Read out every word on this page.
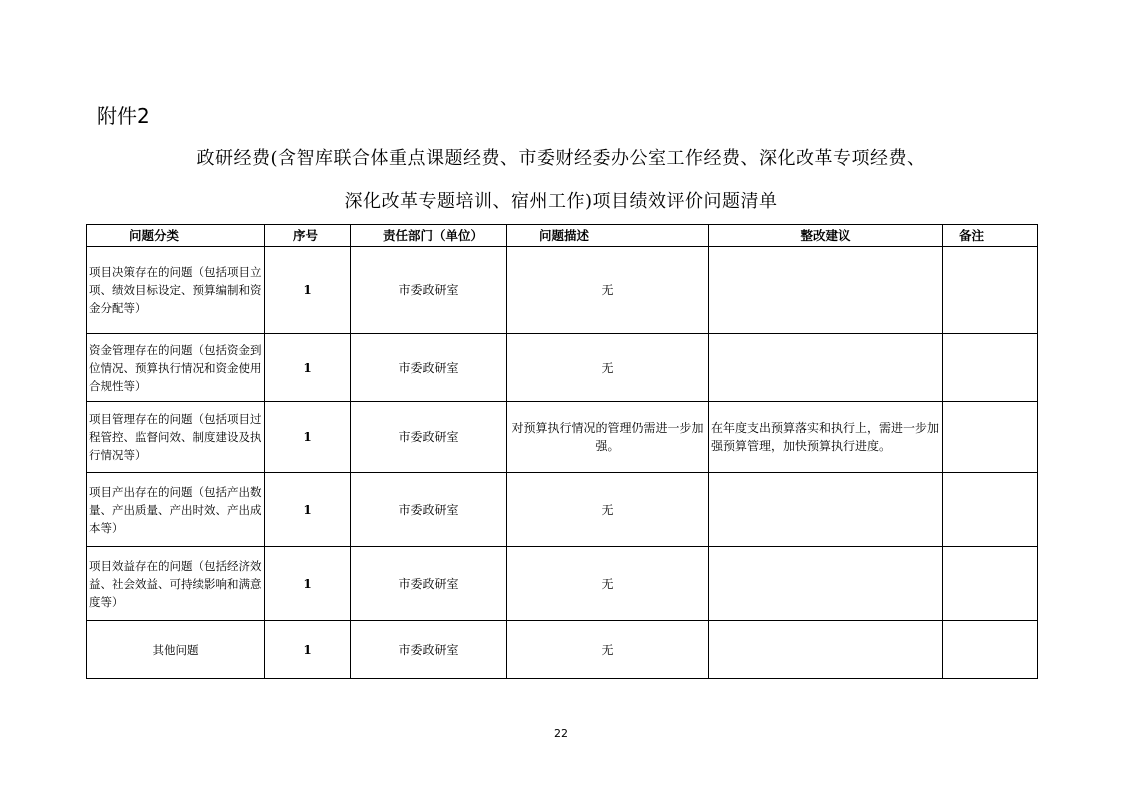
附件2
政研经费(含智库联合体重点课题经费、市委财经委办公室工作经费、深化改革专项经费、
深化改革专题培训、宿州工作)项目绩效评价问题清单
问题分类	序号	责任部门（单位）	问题描述	整改建议	备注
项目决策存在的问题（包括项目立项、绩效目标设定、预算编制和资金分配等）	1	市委政研室	无		
资金管理存在的问题（包括资金到位情况、预算执行情况和资金使用合规性等）	1	市委政研室	无		
项目管理存在的问题（包括项目过程管控、监督问效、制度建设及执行情况等）	1	市委政研室	对预算执行情况的管理仍需进一步加强。	在年度支出预算落实和执行上，需进一步加强预算管理，加快预算执行进度。	
项目产出存在的问题（包括产出数量、产出质量、产出时效、产出成本等）	1	市委政研室	无		
项目效益存在的问题（包括经济效益、社会效益、可持续影响和满意度等）	1	市委政研室	无		
其他问题	1	市委政研室	无		
22
